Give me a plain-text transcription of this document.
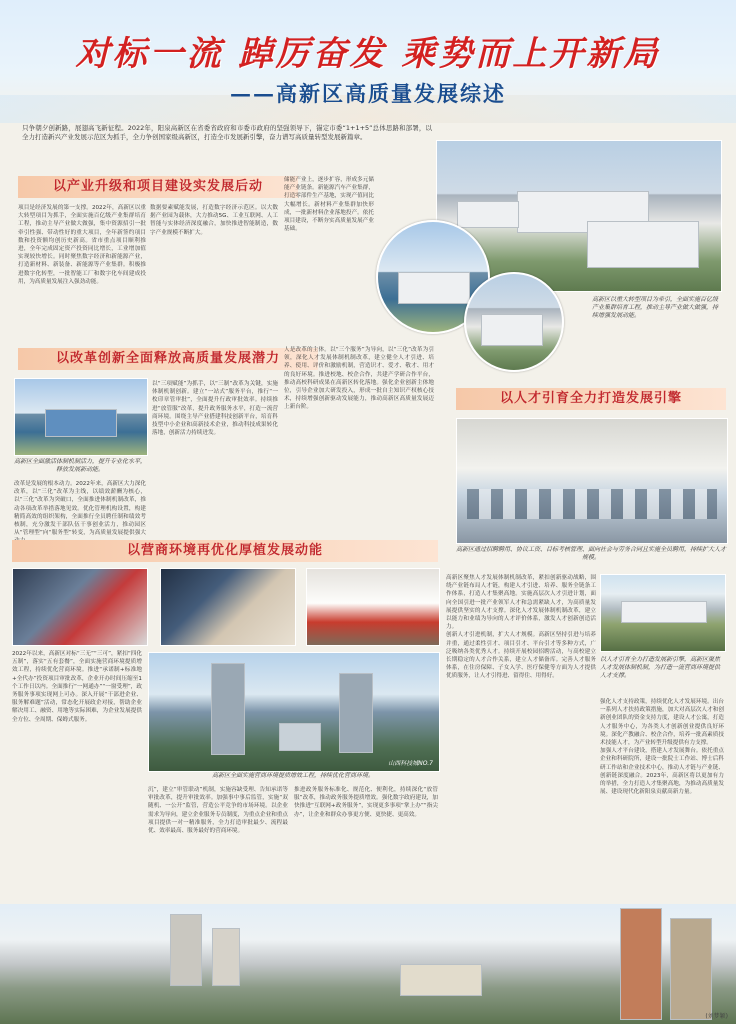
对标一流 踔厉奋发 乘势而上开新局
——高新区高质量发展综述
只争朝夕创新路，展翅高飞新征程。2022年，阳泉高新区在省委省政府和市委市政府的坚强领导下，锚定市委“1+1+5”总体思路和部署，以全力打造新兴产业发展示范区为抓手，全力争创国家级高新区，打造全市发展新引擎，奋力谱写高质量转型发展新篇章。
高新区以重大转型项目为牵引，全面实施百亿级产业集群培育工程，推动主导产业做大做强，持续增强发展动能。
以产业升级和项目建设实发展后动
项目是经济发展的第一支撑。2022年，高新区以重大转型项目为抓手，全面实施百亿级产业集群培育工程，推动主导产业做大做强，集中资源招引一批牵引性强、带动性好的重大项目，全年新签约项目数和投资额均创历史新高。省市重点项目顺利推进，全年完成固定资产投资同比增长，工业增加值实现较快增长。同时聚焦数字经济和新能源产业，打造新材料、新装备、新能源等产业集群。积极推进数字化转型，一批智能工厂和数字化车间建成投用，为高质量发展注入强劲动能。
数据要素赋能发展，打造数字经济示范区。以大数据产业园为载体，大力推动5G、工业互联网、人工智能与实体经济深度融合，加快推进智能制造，数字产业规模不断扩大。
储能产业上，逐步扩容，形成多元储能产业链条。新能源汽车产业集群，打造零部件生产基地，实现产值同比大幅增长。新材料产业集群加快形成，一批新材料企业落地投产。依托项目建设，不断夯实高质量发展产业基础。
以改革创新全面释放高质量发展潜力
高新区全面激活体制机制活力，提升专业化水平，释放发展新动能。
改革是发展的根本动力。2022年来，高新区大力深化改革，以“三化”改革为主线，以绩效薪酬为核心，以“三化”改革为突破口，全面推进体制机制改革，推动各项改革举措落地见效。优化管理机构设置，构建精简高效的组织架构，全面推行全员聘任制和绩效考核制，充分激发干部队伍干事创业活力，推动园区从“管理型”向“服务型”转变，为高质量发展提供强大
以“三项赋能”为抓手，以“三制”改革为关键，实施体制机制创新。建立“一站式”服务平台，推行“一枚印章管审批”，全面提升行政审批效率。持续推进“放管服”改革，提升政务服务水平，打造一流营商环境。围绕主导产业搭建科技创新平台，培育科技型中小企业和高新技术企业，推动科技成果转化落地，创新活力持续迸发。
人是改革的主体。以“三个服务”为导向，以“三化”改革为引领，深化人才发展体制机制改革，建立健全人才引进、培养、使用、评价和激励机制，营造识才、爱才、敬才、用才的良好环境。推进校地、校企合作，共建产学研合作平台，推动高校科研成果在高新区转化落地。强化企业创新主体地位，引导企业加大研发投入，形成一批自主知识产权核心技术，持续增强创新驱动发展能力，推动高新区高质量发展迈上新台阶。
以人才引育全力打造发展引擎
高新区通过招聘聘用、协议工资、目标考核管理、面向社会与劳务合同且实施全员聘用，持续扩大人才规模。
以营商环境再优化厚植发展动能
2022年以来，高新区对标“三无”“三可”，紧扣“四化五制”，落实“五有套餐”，全面实施营商环境提质增效工程，持续优化营商环境。推进“承诺制+标准地+全代办”投资项目审批改革，企业开办时间压缩至1个工作日以内。全面推行“一网通办”“一窗受理”，政务服务事项实现网上可办。深入开展“干部进企业、服务解难题”活动，常态化开展政企对接，帮助企业解决用工、融资、用地等实际困难，为企业发展提供全方位、全周期、保姆式服务。
山西科技城NO.7
高新区全面实施营商环境提质增效工程，持续优化营商环境。
沉”，建立“审管联动”机制，实施容缺受理、告知承诺等审批改革，提升审批效率。加强事中事后监管，实施“双随机、一公开”监管，营造公平竞争的市场环境。以企业需求为导向，建立企业服务专员制度，为重点企业和重点项目提供一对一精准服务，全力打造审批最少、流程最优、效率最高、服务最好的营商环境。
推进政务服务标准化、规范化、便利化，持续深化“放管服”改革，推动政务服务提质增效。强化数字政府建设，加快推进“互联网+政务服务”，实现更多事项“掌上办”“指尖办”，让企业和群众办事更方便、更快捷、更高效。

高新区聚焦人才发展体制机制改革，紧扣创新驱动战略，围绕产业链布局人才链，构建人才引进、培养、服务全链条工作体系，打造人才集聚高地。实施高层次人才引进计划，面向全国引进一批产业领军人才和急需紧缺人才，为高质量发展提供坚实的人才支撑。深化人才发展体制机制改革，建立以能力和业绩为导向的人才评价体系，激发人才创新创造活力。

创新人才引进机制，扩大人才规模。高新区坚持引进与培养并重，通过柔性引才、项目引才、平台引才等多种方式，广泛吸纳各类优秀人才。持续开展校园招聘活动，与高校建立长期稳定的人才合作关系，建立人才储备库。完善人才服务体系，在住房保障、子女入学、医疗保健等方面为人才提供优质服务，让人才引得进、留得住、用得好。

以人才引育全力打造发展新引擎，高新区聚焦人才发展体制机制，为打造一流营商环境提供人才支撑。

强化人才支持政策，持续优化人才发展环境。出台一系列人才扶持政策措施，加大对高层次人才和创新创业团队的资金支持力度，建设人才公寓，打造人才服务中心，为各类人才创新创业提供良好环境。深化产教融合、校企合作，培养一批高素质技术技能人才，为产业转型升级提供有力支撑。

加强人才平台建设，搭建人才发展舞台。依托重点企业和科研院所，建设一批院士工作站、博士后科研工作站和企业技术中心，推动人才链与产业链、创新链深度融合。2023年，高新区将以更加有力的举措，全力打造人才集聚高地，为推动高质量发展、建设现代化新阳泉贡献高新力量。

(刘梦颖)
